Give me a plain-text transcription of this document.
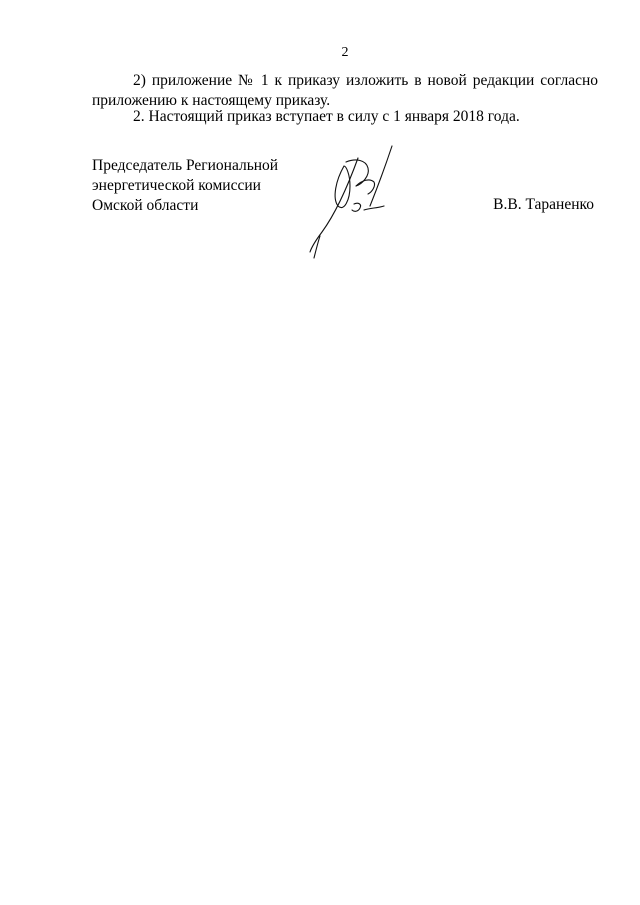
2
2) приложение № 1 к приказу изложить в новой редакции согласно
приложению к настоящему приказу.
2. Настоящий приказ вступает в силу с 1 января 2018 года.
Председатель Региональной
энергетической комиссии
Омской области	В.В. Тараненко
